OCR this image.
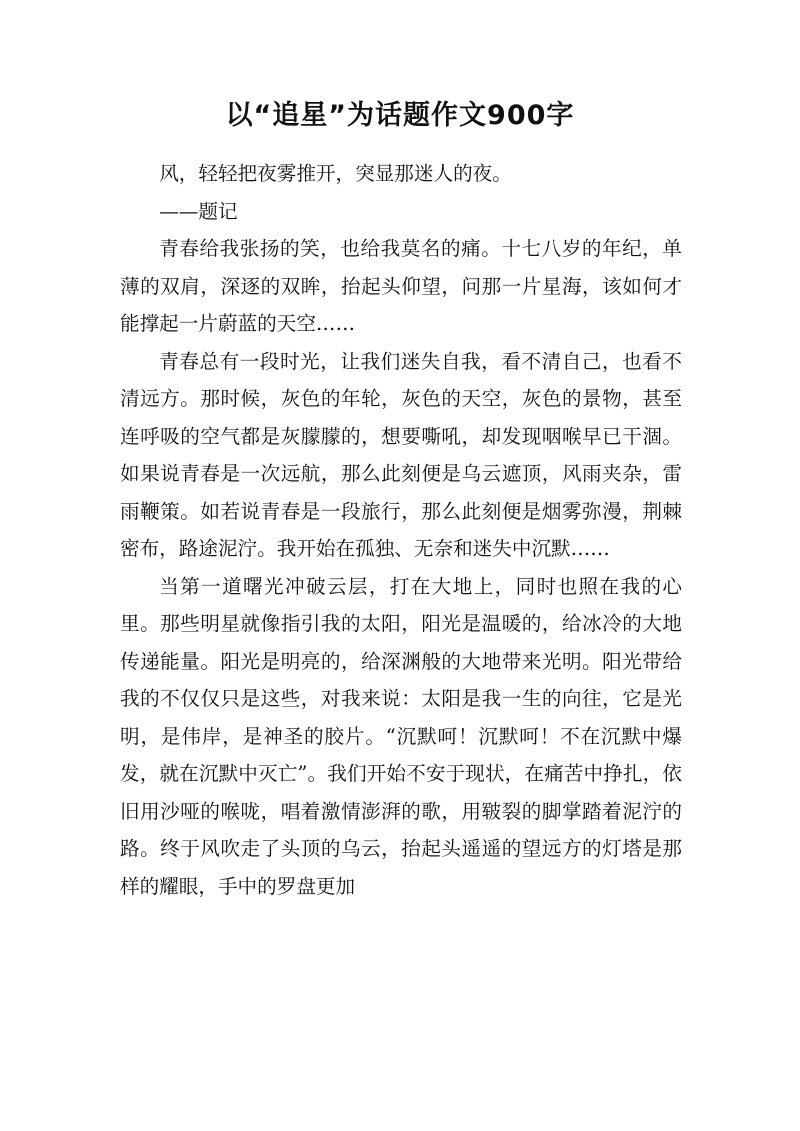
以“追星”为话题作文900字

风，轻轻把夜雾推开，突显那迷人的夜。

——题记

青春给我张扬的笑，也给我莫名的痛。十七八岁的年纪，单薄的双肩，深逐的双眸，抬起头仰望，问那一片星海，该如何才能撑起一片蔚蓝的天空……

青春总有一段时光，让我们迷失自我，看不清自己，也看不清远方。那时候，灰色的年轮，灰色的天空，灰色的景物，甚至连呼吸的空气都是灰朦朦的，想要嘶吼，却发现咽喉早已干涸。如果说青春是一次远航，那么此刻便是乌云遮顶，风雨夹杂，雷雨鞭策。如若说青春是一段旅行，那么此刻便是烟雾弥漫，荆棘密布，路途泥泞。我开始在孤独、无奈和迷失中沉默……

当第一道曙光冲破云层，打在大地上，同时也照在我的心里。那些明星就像指引我的太阳，阳光是温暖的，给冰冷的大地传递能量。阳光是明亮的，给深渊般的大地带来光明。阳光带给我的不仅仅只是这些，对我来说：太阳是我一生的向往，它是光明，是伟岸，是神圣的胶片。“沉默呵！沉默呵！不在沉默中爆发，就在沉默中灭亡”。我们开始不安于现状，在痛苦中挣扎，依旧用沙哑的喉咙，唱着激情澎湃的歌，用皲裂的脚掌踏着泥泞的路。终于风吹走了头顶的乌云，抬起头遥遥的望远方的灯塔是那样的耀眼，手中的罗盘更加
